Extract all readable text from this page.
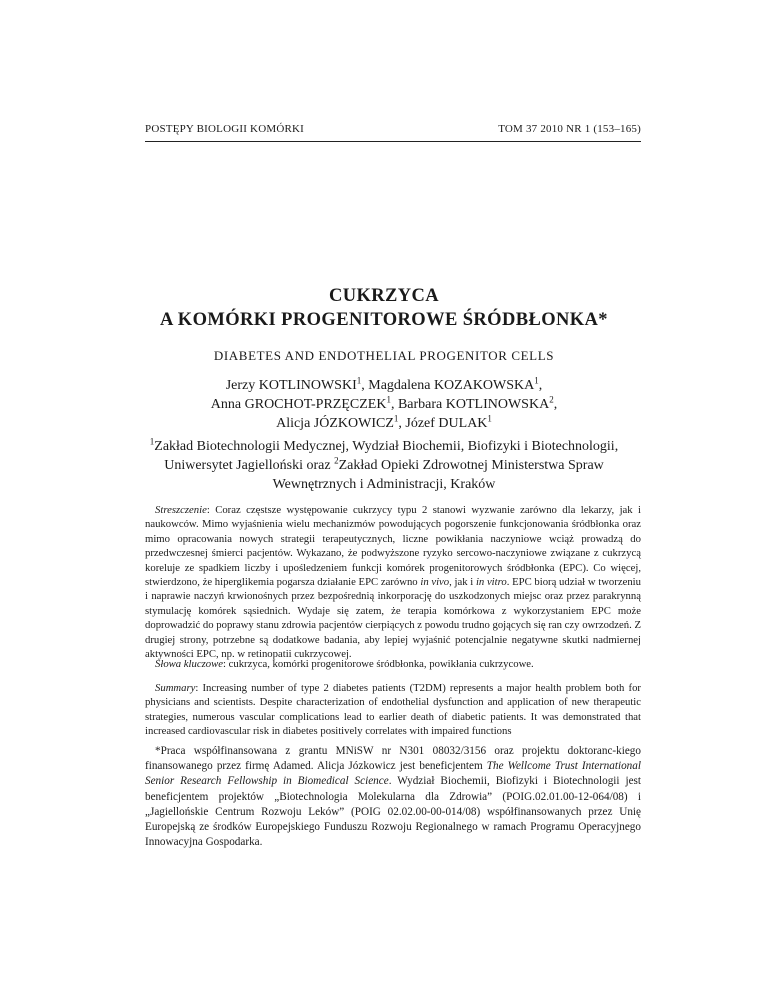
POSTĘPY BIOLOGII KOMÓRKI	TOM 37 2010 NR 1 (153–165)
CUKRZYCA
A KOMÓRKI PROGENITOROWE ŚRÓDBŁONKA*
DIABETES AND ENDOTHELIAL PROGENITOR CELLS
Jerzy KOTLINOWSKI$^1$, Magdalena KOZAKOWSKA$^1$,
Anna GROCHOT-PRZĘCZEK$^1$, Barbara KOTLINOWSKA$^2$,
Alicja JÓZKOWICZ$^1$, Józef DULAK$^1$
$^1$Zakład Biotechnologii Medycznej, Wydział Biochemii, Biofizyki i Biotechnologii,
Uniwersytet Jagielloński oraz $^2$Zakład Opieki Zdrowotnej Ministerstwa Spraw
Wewnętrznych i Administracji, Kraków
Streszczenie: Coraz częstsze występowanie cukrzycy typu 2 stanowi wyzwanie zarówno dla lekarzy, jak i naukowców. Mimo wyjaśnienia wielu mechanizmów powodujących pogorszenie funkcjonowania śródbłonka oraz mimo opracowania nowych strategii terapeutycznych, liczne powikłania naczyniowe wciąż prowadzą do przedwczesnej śmierci pacjentów. Wykazano, że podwyższone ryzyko sercowo-naczyniowe związane z cukrzycą koreluje ze spadkiem liczby i upośledzeniem funkcji komórek progenitorowych śródbłonka (EPC). Co więcej, stwierdzono, że hiperglikemia pogarsza działanie EPC zarówno in vivo, jak i in vitro. EPC biorą udział w tworzeniu i naprawie naczyń krwionośnych przez bezpośrednią inkorporację do uszkodzonych miejsc oraz przez parakrynną stymulację komórek sąsiednich. Wydaje się zatem, że terapia komórkowa z wykorzystaniem EPC może doprowadzić do poprawy stanu zdrowia pacjentów cierpiących z powodu trudno gojących się ran czy owrzodzeń. Z drugiej strony, potrzebne są dodatkowe badania, aby lepiej wyjaśnić potencjalnie negatywne skutki nadmiernej aktywności EPC, np. w retinopatii cukrzycowej.
Słowa kluczowe: cukrzyca, komórki progenitorowe śródbłonka, powikłania cukrzycowe.
Summary: Increasing number of type 2 diabetes patients (T2DM) represents a major health problem both for physicians and scientists. Despite characterization of endothelial dysfunction and application of new therapeutic strategies, numerous vascular complications lead to earlier death of diabetic patients. It was demonstrated that increased cardiovascular risk in diabetes positively correlates with impaired functions
*Praca współfinansowana z grantu MNiSW nr N301 08032/3156 oraz projektu doktoranc-kiego finansowanego przez firmę Adamed. Alicja Józkowicz jest beneficjentem The Wellcome Trust International Senior Research Fellowship in Biomedical Science. Wydział Biochemii, Biofizyki i Biotechnologii jest beneficjentem projektów „Biotechnologia Molekularna dla Zdrowia” (POIG.02.01.00-12-064/08) i „Jagiellońskie Centrum Rozwoju Leków” (POIG 02.02.00-00-014/08) współfinansowanych przez Unię Europejską ze środków Europejskiego Funduszu Rozwoju Regionalnego w ramach Programu Operacyjnego Innowacyjna Gospodarka.
